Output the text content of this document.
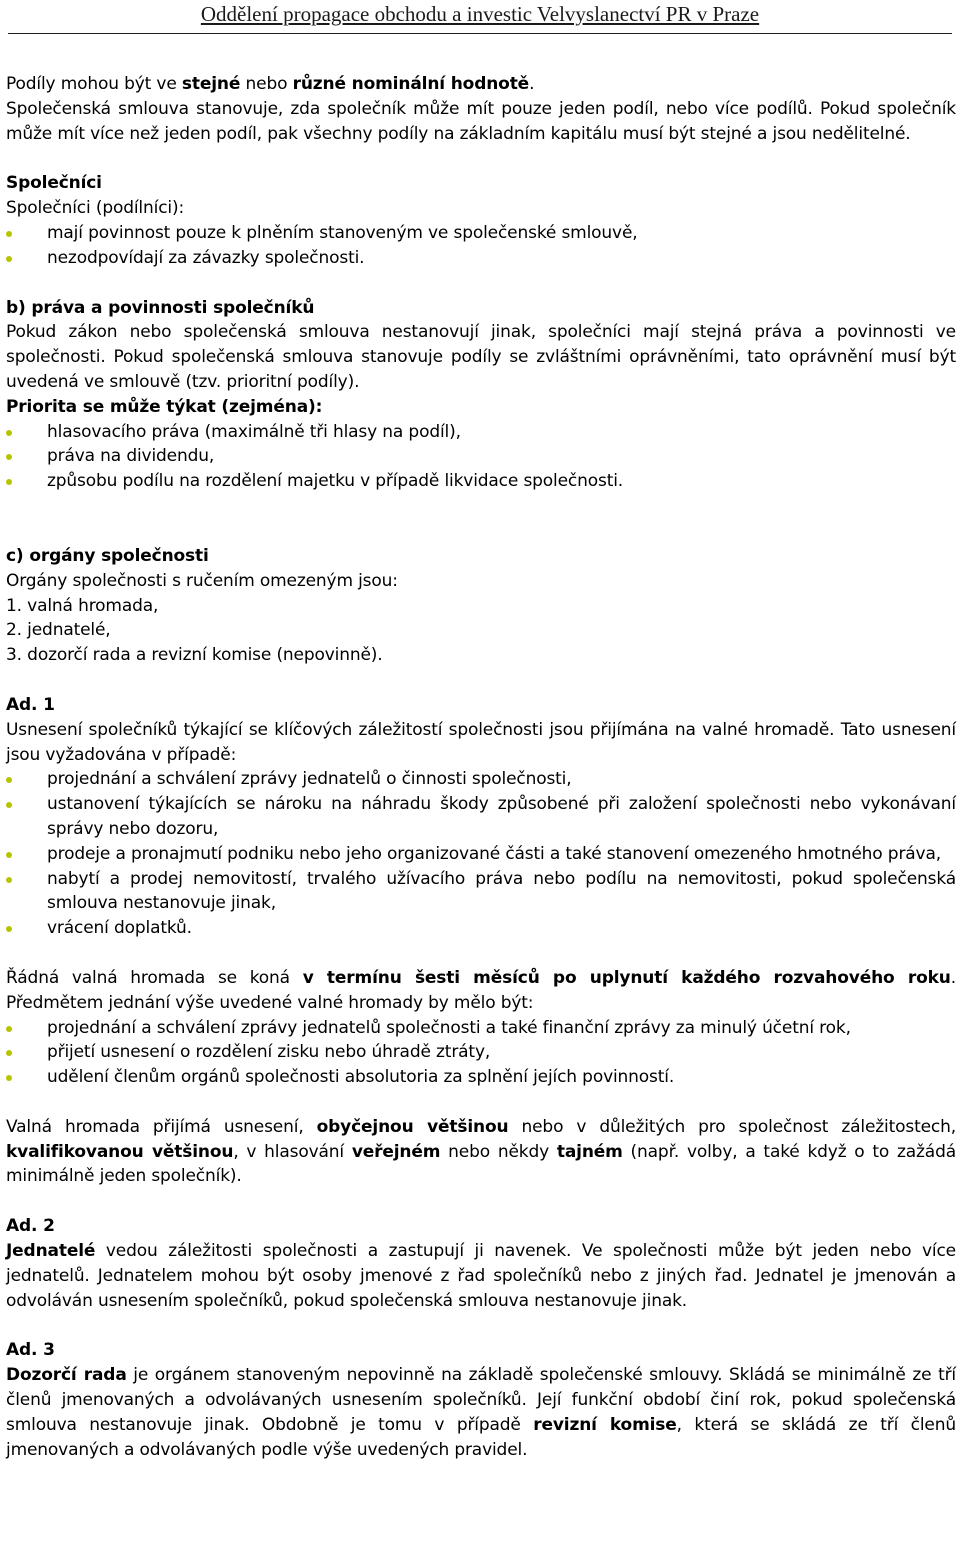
Oddělení propagace obchodu a investic Velvyslanectví PR v Praze

Podíly mohou být ve stejné nebo různé nominální hodnotě.

Společenská smlouva stanovuje, zda společník může mít pouze jeden podíl, nebo více podílů. Pokud společník může mít více než jeden podíl, pak všechny podíly na základním kapitálu musí být stejné a jsou nedělitelné.

Společníci

Společníci (podílníci):

mají povinnost pouze k plněním stanoveným ve společenské smlouvě,

nezodpovídají za závazky společnosti.

b) práva a povinnosti společníků

Pokud zákon nebo společenská smlouva nestanovují jinak, společníci mají stejná práva a povinnosti ve společnosti. Pokud společenská smlouva stanovuje podíly se zvláštními oprávněními, tato oprávnění musí být uvedená ve smlouvě (tzv. prioritní podíly).

Priorita se může týkat (zejména):

hlasovacího práva (maximálně tři hlasy na podíl),

práva na dividendu,

způsobu podílu na rozdělení majetku v případě likvidace společnosti.

c) orgány společnosti

Orgány společnosti s ručením omezeným jsou:

1. valná hromada,

2. jednatelé,

3. dozorčí rada a revizní komise (nepovinně).

Ad. 1

Usnesení společníků týkající se klíčových záležitostí společnosti jsou přijímána na valné hromadě. Tato usnesení jsou vyžadována v případě:

projednání a schválení zprávy jednatelů o činnosti společnosti,

ustanovení týkajících se nároku na náhradu škody způsobené při založení společnosti nebo vykonávaní správy nebo dozoru,

prodeje a pronajmutí podniku nebo jeho organizované části a také stanovení omezeného hmotného práva,

nabytí a prodej nemovitostí, trvalého užívacího práva nebo podílu na nemovitosti, pokud společenská smlouva nestanovuje jinak,

vrácení doplatků.

Řádná valná hromada se koná v termínu šesti měsíců po uplynutí každého rozvahového roku. Předmětem jednání výše uvedené valné hromady by mělo být:

projednání a schválení zprávy jednatelů společnosti a také finanční zprávy za minulý účetní rok,

přijetí usnesení o rozdělení zisku nebo úhradě ztráty,

udělení členům orgánů společnosti absolutoria za splnění jejích povinností.

Valná hromada přijímá usnesení, obyčejnou většinou nebo v důležitých pro společnost záležitostech, kvalifikovanou většinou, v hlasování veřejném nebo někdy tajném (např. volby, a také když o to zažádá minimálně jeden společník).

Ad. 2

Jednatelé vedou záležitosti společnosti a zastupují ji navenek. Ve společnosti může být jeden nebo více jednatelů. Jednatelem mohou být osoby jmenové z řad společníků nebo z jiných řad. Jednatel je jmenován a odvoláván usnesením společníků, pokud společenská smlouva nestanovuje jinak.

Ad. 3

Dozorčí rada je orgánem stanoveným nepovinně na základě společenské smlouvy. Skládá se minimálně ze tří členů jmenovaných a odvolávaných usnesením společníků. Její funkční období činí rok, pokud společenská smlouva nestanovuje jinak. Obdobně je tomu v případě revizní komise, která se skládá ze tří členů jmenovaných a odvolávaných podle výše uvedených pravidel.
